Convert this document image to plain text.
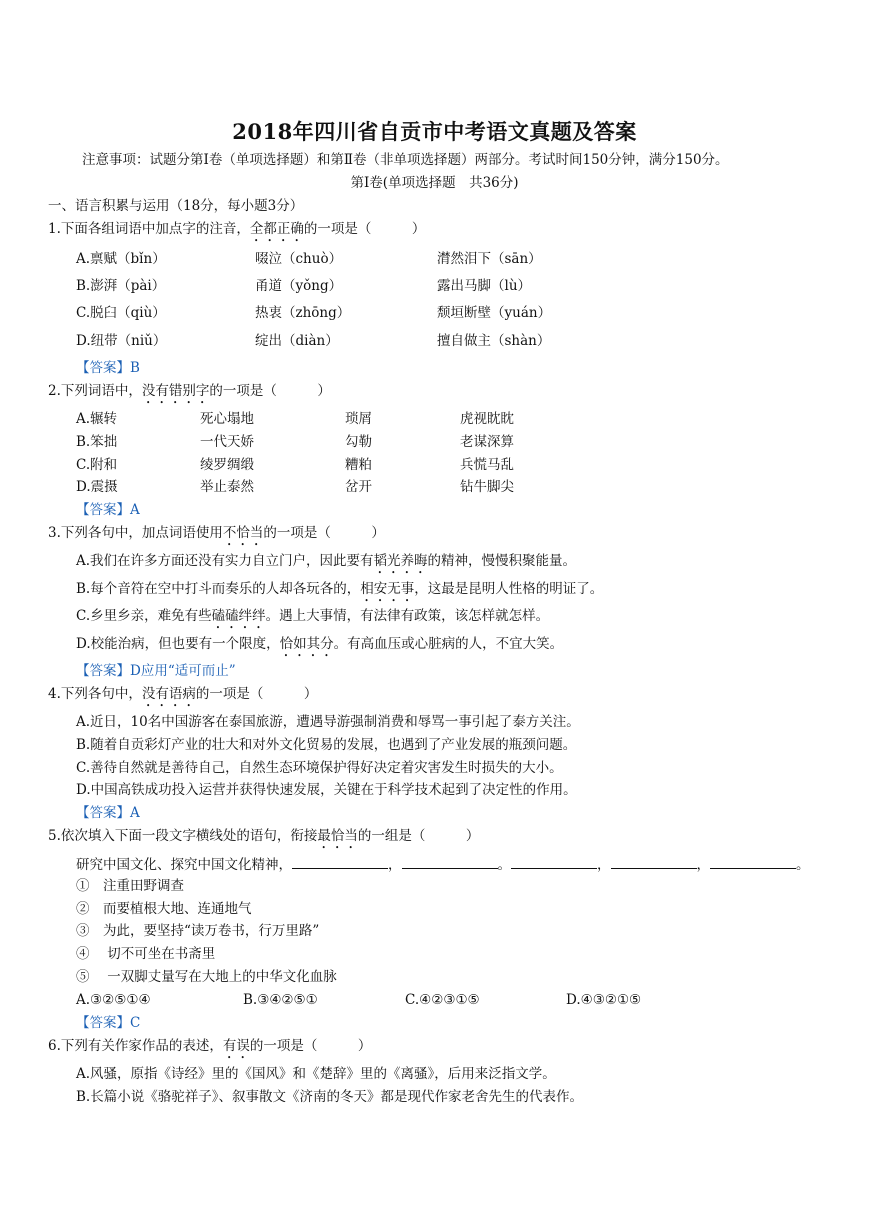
2018年四川省自贡市中考语文真题及答案
注意事项：试题分第Ⅰ卷（单项选择题）和第Ⅱ卷（非单项选择题）两部分。考试时间150分钟，满分150分。
第Ⅰ卷(单项选择题　共36分)
一、语言积累与运用（18分，每小题3分）
1.下面各组词语中加点字的注音，全都正确的一项是（　　　）
A.禀赋（bǐn）	啜泣（chuò）	潸然泪下（sān）
B.澎湃（pài）	甬道（yǒng）	露出马脚（lù）
C.脱臼（qiù）	热衷（zhōng）	颓垣断壁（yuán）
D.纽带（niǔ）	绽出（diàn）	擅自做主（shàn）
【答案】B
2.下列词语中，没有错别字的一项是（　　　）
A.辗转	死心塌地	琐屑	虎视眈眈
B.笨拙	一代天娇	勾勒	老谋深算
C.附和	绫罗绸缎	糟粕	兵慌马乱
D.震摄	举止泰然	岔开	钻牛脚尖
【答案】A
3.下列各句中，加点词语使用不恰当的一项是（　　　）
A.我们在许多方面还没有实力自立门户，因此要有韬光养晦的精神，慢慢积聚能量。
B.每个音符在空中打斗而奏乐的人却各玩各的，相安无事，这最是昆明人性格的明证了。
C.乡里乡亲，难免有些磕磕绊绊。遇上大事情，有法律有政策，该怎样就怎样。
D.校能治病，但也要有一个限度，恰如其分。有高血压或心脏病的人，不宜大笑。
【答案】D应用“适可而止”
4.下列各句中，没有语病的一项是（　　　）
A.近日，10名中国游客在泰国旅游，遭遇导游强制消费和辱骂一事引起了泰方关注。
B.随着自贡彩灯产业的壮大和对外文化贸易的发展，也遇到了产业发展的瓶颈问题。
C.善待自然就是善待自己，自然生态环境保护得好决定着灾害发生时损失的大小。
D.中国高铁成功投入运营并获得快速发展，关键在于科学技术起到了决定性的作用。
【答案】A
5.依次填入下面一段文字横线处的语句，衔接最恰当的一组是（　　　）
研究中国文化、探究中国文化精神，	，	。	，	，	。
①　注重田野调查
②　而要植根大地、连通地气
③　为此，要坚持“读万卷书，行万里路”
④　 切不可坐在书斋里
⑤　 一双脚丈量写在大地上的中华文化血脉
A.③②⑤①④	B.③④②⑤①	C.④②③①⑤	D.④③②①⑤
【答案】C
6.下列有关作家作品的表述，有误的一项是（　　　）
A.风骚，原指《诗经》里的《国风》和《楚辞》里的《离骚》，后用来泛指文学。
B.长篇小说《骆驼祥子》、叙事散文《济南的冬天》都是现代作家老舍先生的代表作。
